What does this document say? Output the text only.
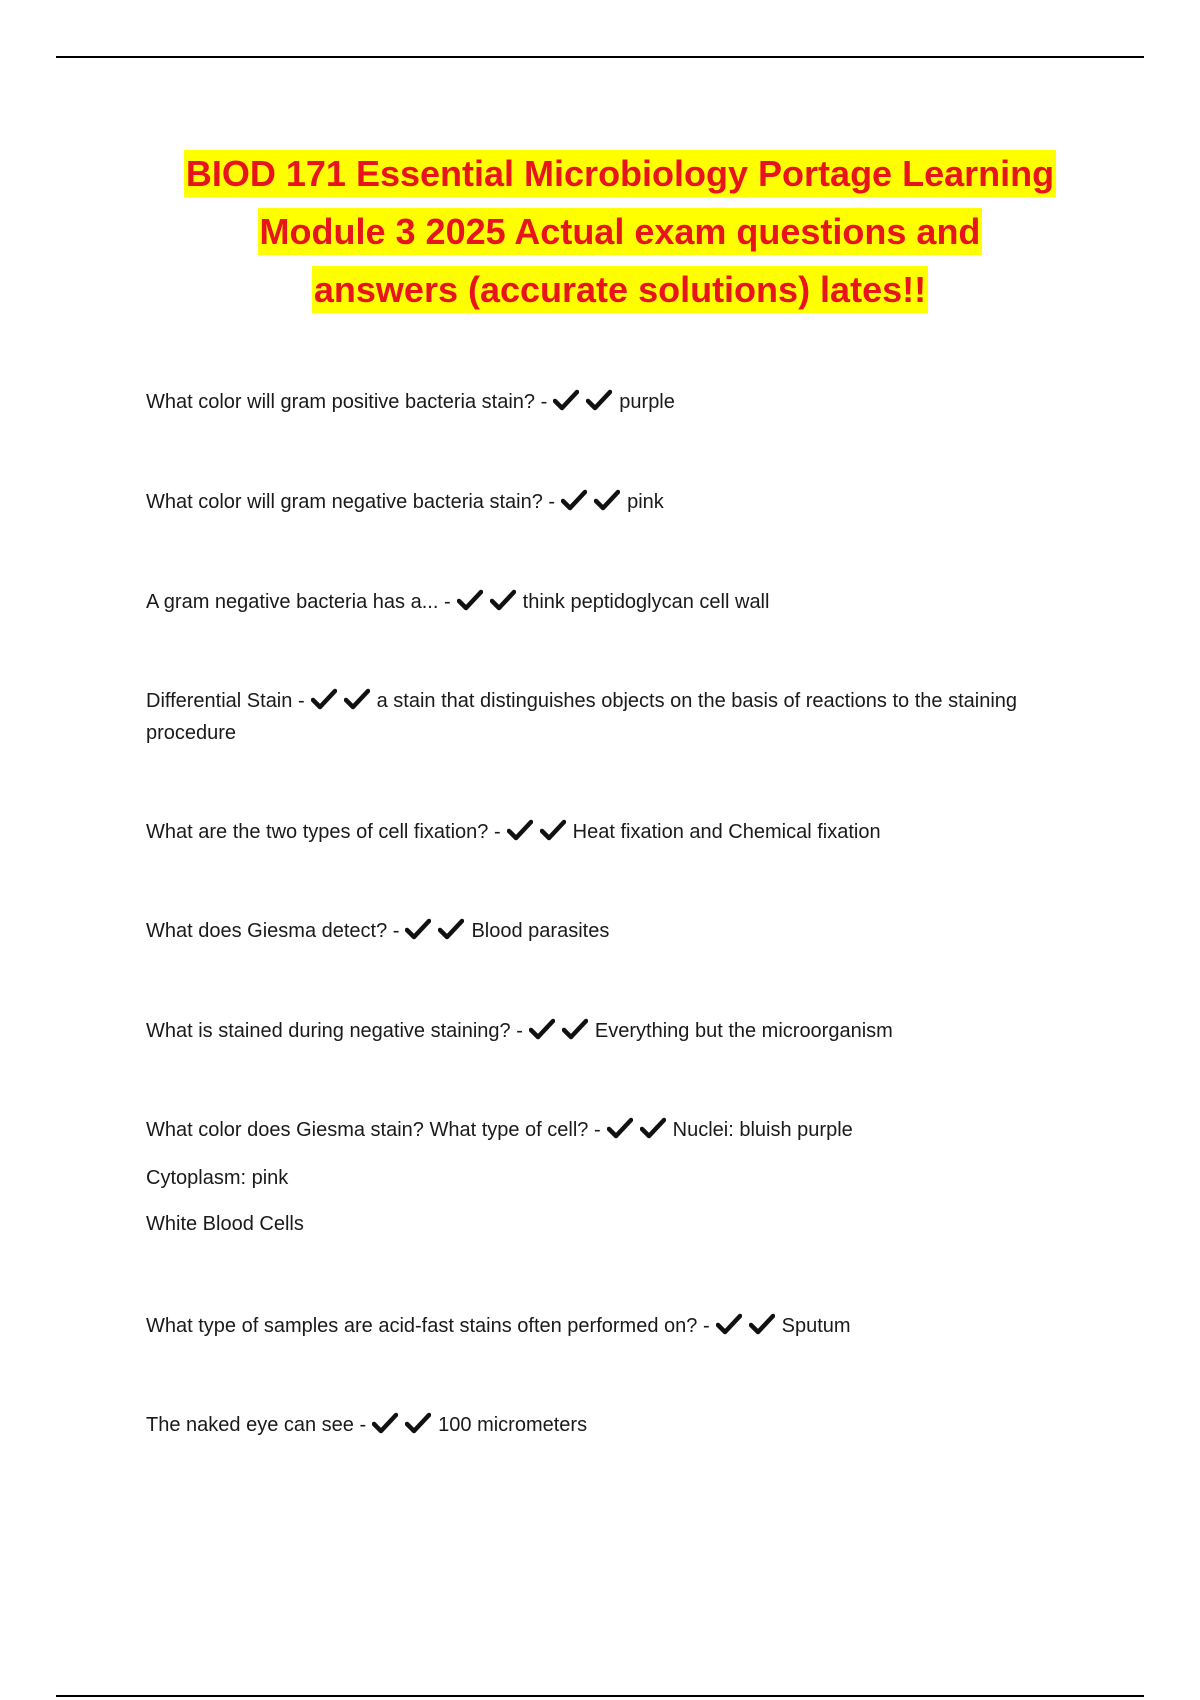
BIOD 171 Essential Microbiology Portage Learning
Module 3 2025 Actual exam questions and
answers (accurate solutions) lates!!
What color will gram positive bacteria stain? -	purple
What color will gram negative bacteria stain? -	pink
A gram negative bacteria has a... -	think peptidoglycan cell wall
Differential Stain -	a stain that distinguishes objects on the basis of reactions to the staining procedure
What are the two types of cell fixation? -	Heat fixation and Chemical fixation
What does Giesma detect? -	Blood parasites
What is stained during negative staining? -	Everything but the microorganism
What color does Giesma stain? What type of cell? -	Nuclei: bluish purple
Cytoplasm: pink
White Blood Cells
What type of samples are acid-fast stains often performed on? -	Sputum
The naked eye can see -	100 micrometers
